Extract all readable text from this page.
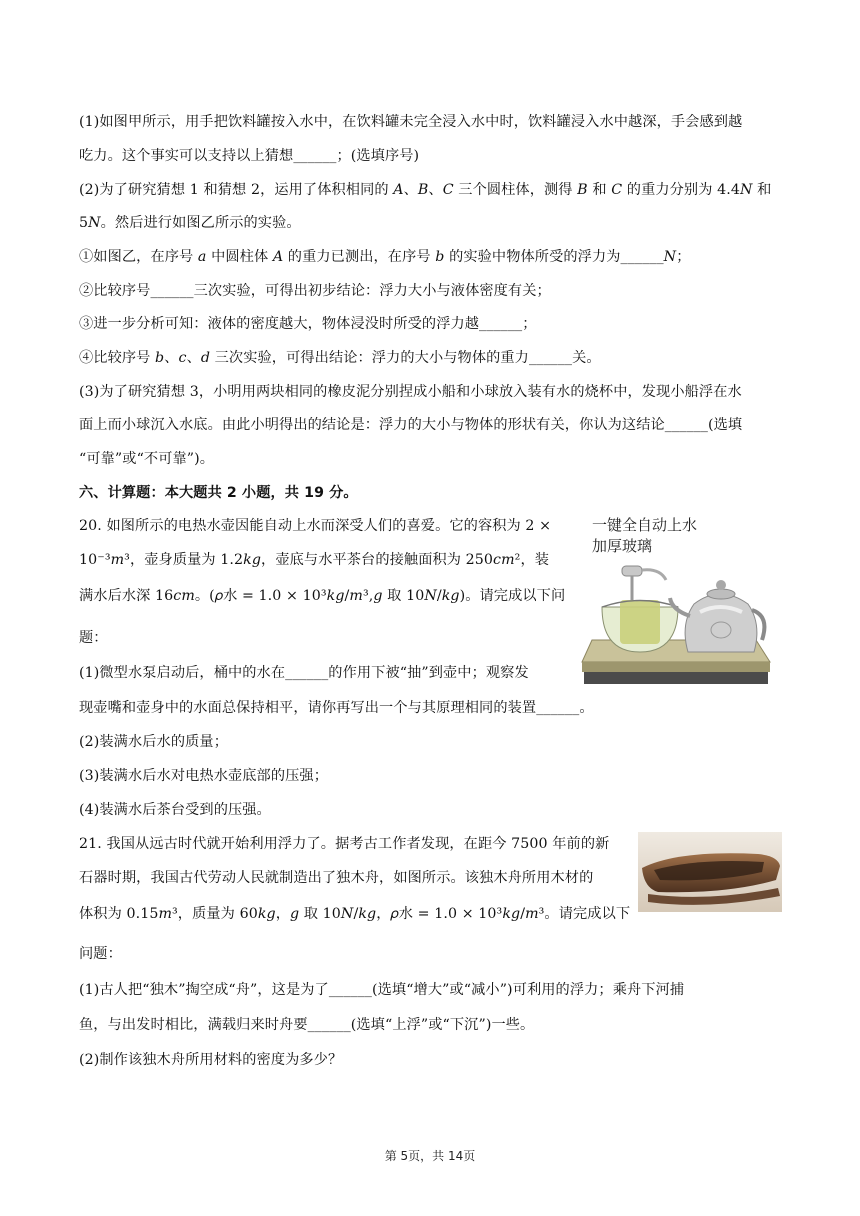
(1)如图甲所示，用手把饮料罐按入水中，在饮料罐未完全浸入水中时，饮料罐浸入水中越深，手会感到越
吃力。这个事实可以支持以上猜想______；(选填序号)
(2)为了研究猜想 1 和猜想 2，运用了体积相同的 𝐴、𝐵、𝐶 三个圆柱体，测得 𝐵 和 𝐶 的重力分别为 4.4𝑁 和
5𝑁。然后进行如图乙所示的实验。
①如图乙，在序号 𝑎 中圆柱体 𝐴 的重力已测出，在序号 𝑏 的实验中物体所受的浮力为______𝑁；
②比较序号______三次实验，可得出初步结论：浮力大小与液体密度有关；
③进一步分析可知：液体的密度越大，物体浸没时所受的浮力越______；
④比较序号 𝑏、𝑐、𝑑 三次实验，可得出结论：浮力的大小与物体的重力______关。
(3)为了研究猜想 3，小明用两块相同的橡皮泥分别捏成小船和小球放入装有水的烧杯中，发现小船浮在水
面上而小球沉入水底。由此小明得出的结论是：浮力的大小与物体的形状有关，你认为这结论______(选填
“可靠”或“不可靠”)。
六、计算题：本大题共 2 小题，共 19 分。
20. 如图所示的电热水壶因能自动上水而深受人们的喜爱。它的容积为 2 ×
10⁻³𝑚³，壶身质量为 1.2𝑘𝑔，壶底与水平茶台的接触面积为 250𝑐𝑚²，装
满水后水深 16𝑐𝑚。(𝜌水 = 1.0 × 10³𝑘𝑔/𝑚³,𝑔 取 10𝑁/𝑘𝑔)。请完成以下问
题：
(1)微型水泵启动后，桶中的水在______的作用下被“抽”到壶中；观察发
现壶嘴和壶身中的水面总保持相平，请你再写出一个与其原理相同的装置______。
(2)装满水后水的质量；
(3)装满水后水对电热水壶底部的压强；
(4)装满水后茶台受到的压强。
21. 我国从远古时代就开始利用浮力了。据考古工作者发现，在距今 7500 年前的新
石器时期，我国古代劳动人民就制造出了独木舟，如图所示。该独木舟所用木材的
体积为 0.15𝑚³，质量为 60𝑘𝑔，𝑔 取 10𝑁/𝑘𝑔，𝜌水 = 1.0 × 10³𝑘𝑔/𝑚³。请完成以下
问题：
(1)古人把“独木”掏空成“舟”，这是为了______(选填“增大”或“减小”)可利用的浮力；乘舟下河捕
鱼，与出发时相比，满载归来时舟要______(选填“上浮”或“下沉”)一些。
(2)制作该独木舟所用材料的密度为多少？
一键全自动上水
加厚玻璃
第 5页，共 14页
